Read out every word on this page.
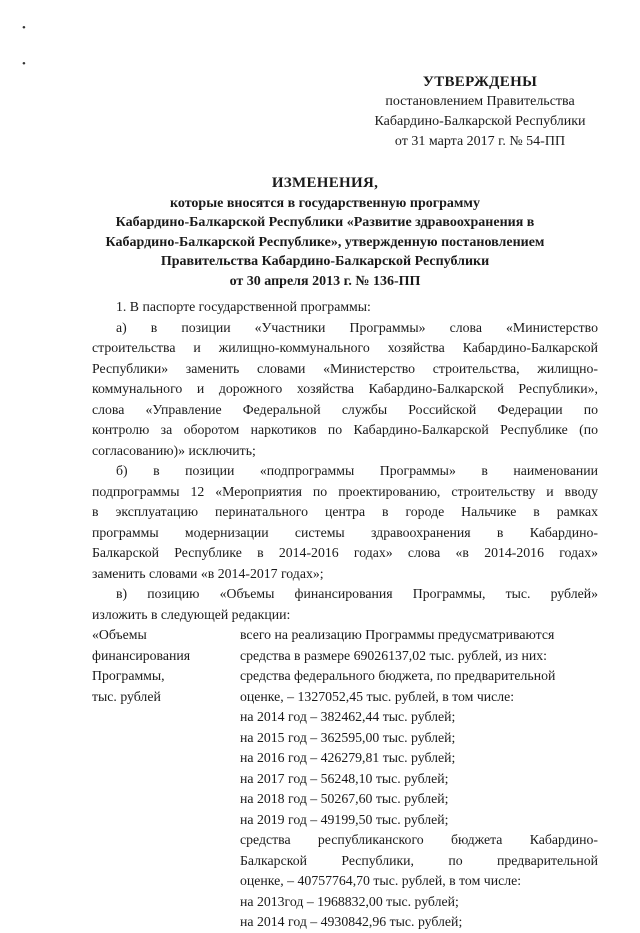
•
•
УТВЕРЖДЕНЫ
постановлением Правительства
Кабардино-Балкарской Республики
от 31 марта 2017 г. № 54-ПП
ИЗМЕНЕНИЯ,
которые вносятся в государственную программу
Кабардино-Балкарской Республики «Развитие здравоохранения в
Кабардино-Балкарской Республике», утвержденную постановлением
Правительства Кабардино-Балкарской Республики
от 30 апреля 2013 г. № 136-ПП

1. В паспорте государственной программы:

а) в позиции «Участники Программы» слова «Министерство

строительства и жилищно-коммунального хозяйства Кабардино-Балкарской

Республики» заменить словами «Министерство строительства, жилищно-

коммунального и дорожного хозяйства Кабардино-Балкарской Республики»,

слова «Управление Федеральной службы Российской Федерации по

контролю за оборотом наркотиков по Кабардино-Балкарской Республике (по

согласованию)» исключить;

б) в позиции «подпрограммы Программы» в наименовании

подпрограммы 12 «Мероприятия по проектированию, строительству и вводу

в эксплуатацию перинатального центра в городе Нальчике в рамках

программы модернизации системы здравоохранения в Кабардино-

Балкарской Республике в 2014-2016 годах» слова «в 2014-2016 годах»

заменить словами «в 2014-2017 годах»;

в) позицию «Объемы финансирования Программы, тыс. рублей»

изложить в следующей редакции:

«Объемы
финансирования
Программы,
тыс. рублей
всего на реализацию Программы предусматриваются
средства в размере 69026137,02 тыс. рублей, из них:
средства федерального бюджета, по предварительной
оценке, – 1327052,45 тыс. рублей, в том числе:
на 2014 год – 382462,44 тыс. рублей;
на 2015 год – 362595,00 тыс. рублей;
на 2016 год – 426279,81 тыс. рублей;
на 2017 год – 56248,10 тыс. рублей;
на 2018 год – 50267,60 тыс. рублей;
на 2019 год – 49199,50 тыс. рублей;
средства республиканского бюджета Кабардино-
Балкарской Республики, по предварительной
оценке, – 40757764,70 тыс. рублей, в том числе:
на 2013год – 1968832,00 тыс. рублей;
на 2014 год – 4930842,96 тыс. рублей;
